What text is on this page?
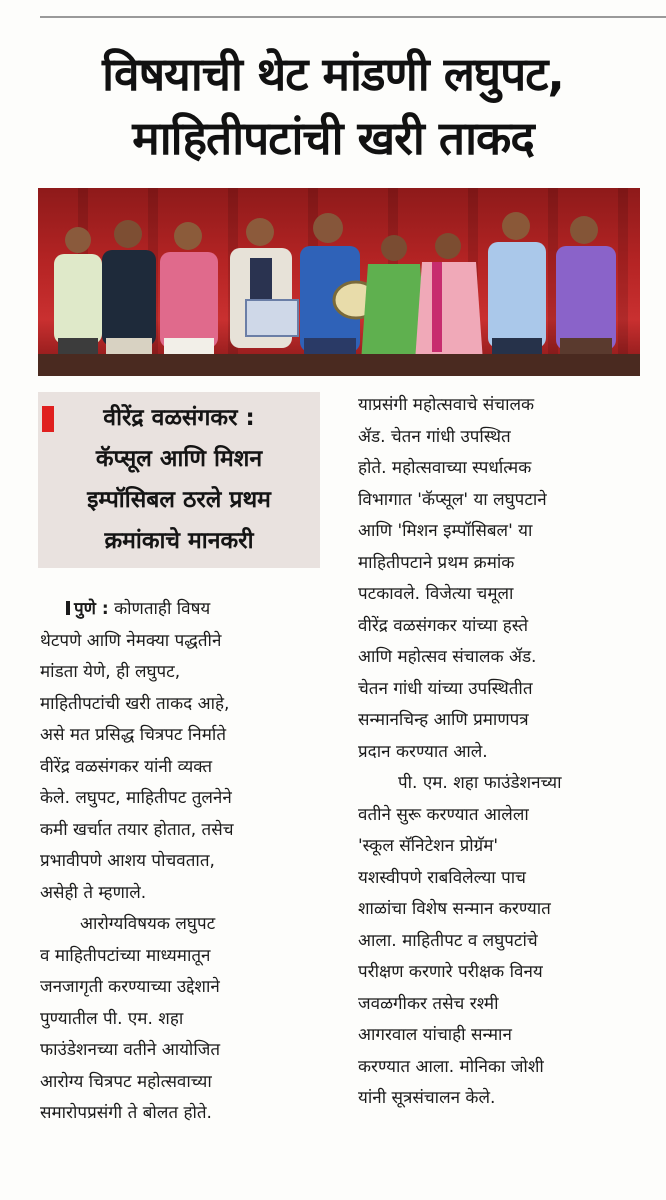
विषयाची थेट मांडणी लघुपट,
माहितीपटांची खरी ताकद
वीरेंद्र वळसंगकर :
कॅप्सूल आणि मिशन
इम्पॉसिबल ठरले प्रथम
क्रमांकाचे मानकरी
पुणे : कोणताही विषय
थेटपणे आणि नेमक्या पद्धतीने
मांडता येणे, ही लघुपट,
माहितीपटांची खरी ताकद आहे,
असे मत प्रसिद्ध चित्रपट निर्माते
वीरेंद्र वळसंगकर यांनी व्यक्त
केले. लघुपट, माहितीपट तुलनेने
कमी खर्चात तयार होतात, तसेच
प्रभावीपणे आशय पोचवतात,
असेही ते म्हणाले.
आरोग्यविषयक लघुपट
व माहितीपटांच्या माध्यमातून
जनजागृती करण्याच्या उद्देशाने
पुण्यातील पी. एम. शहा
फाउंडेशनच्या वतीने आयोजित
आरोग्य चित्रपट महोत्सवाच्या
समारोपप्रसंगी ते बोलत होते.
याप्रसंगी महोत्सवाचे संचालक
ॲड. चेतन गांधी उपस्थित
होते. महोत्सवाच्या स्पर्धात्मक
विभागात 'कॅप्सूल' या लघुपटाने
आणि 'मिशन इम्पॉसिबल' या
माहितीपटाने प्रथम क्रमांक
पटकावले. विजेत्या चमूला
वीरेंद्र वळसंगकर यांच्या हस्ते
आणि महोत्सव संचालक ॲड.
चेतन गांधी यांच्या उपस्थितीत
सन्मानचिन्ह आणि प्रमाणपत्र
प्रदान करण्यात आले.
पी. एम. शहा फाउंडेशनच्या
वतीने सुरू करण्यात आलेला
'स्कूल सॅनिटेशन प्रोग्रॅम'
यशस्वीपणे राबविलेल्या पाच
शाळांचा विशेष सन्मान करण्यात
आला. माहितीपट व लघुपटांचे
परीक्षण करणारे परीक्षक विनय
जवळगीकर तसेच रश्मी
आगरवाल यांचाही सन्मान
करण्यात आला. मोनिका जोशी
यांनी सूत्रसंचालन केले.
